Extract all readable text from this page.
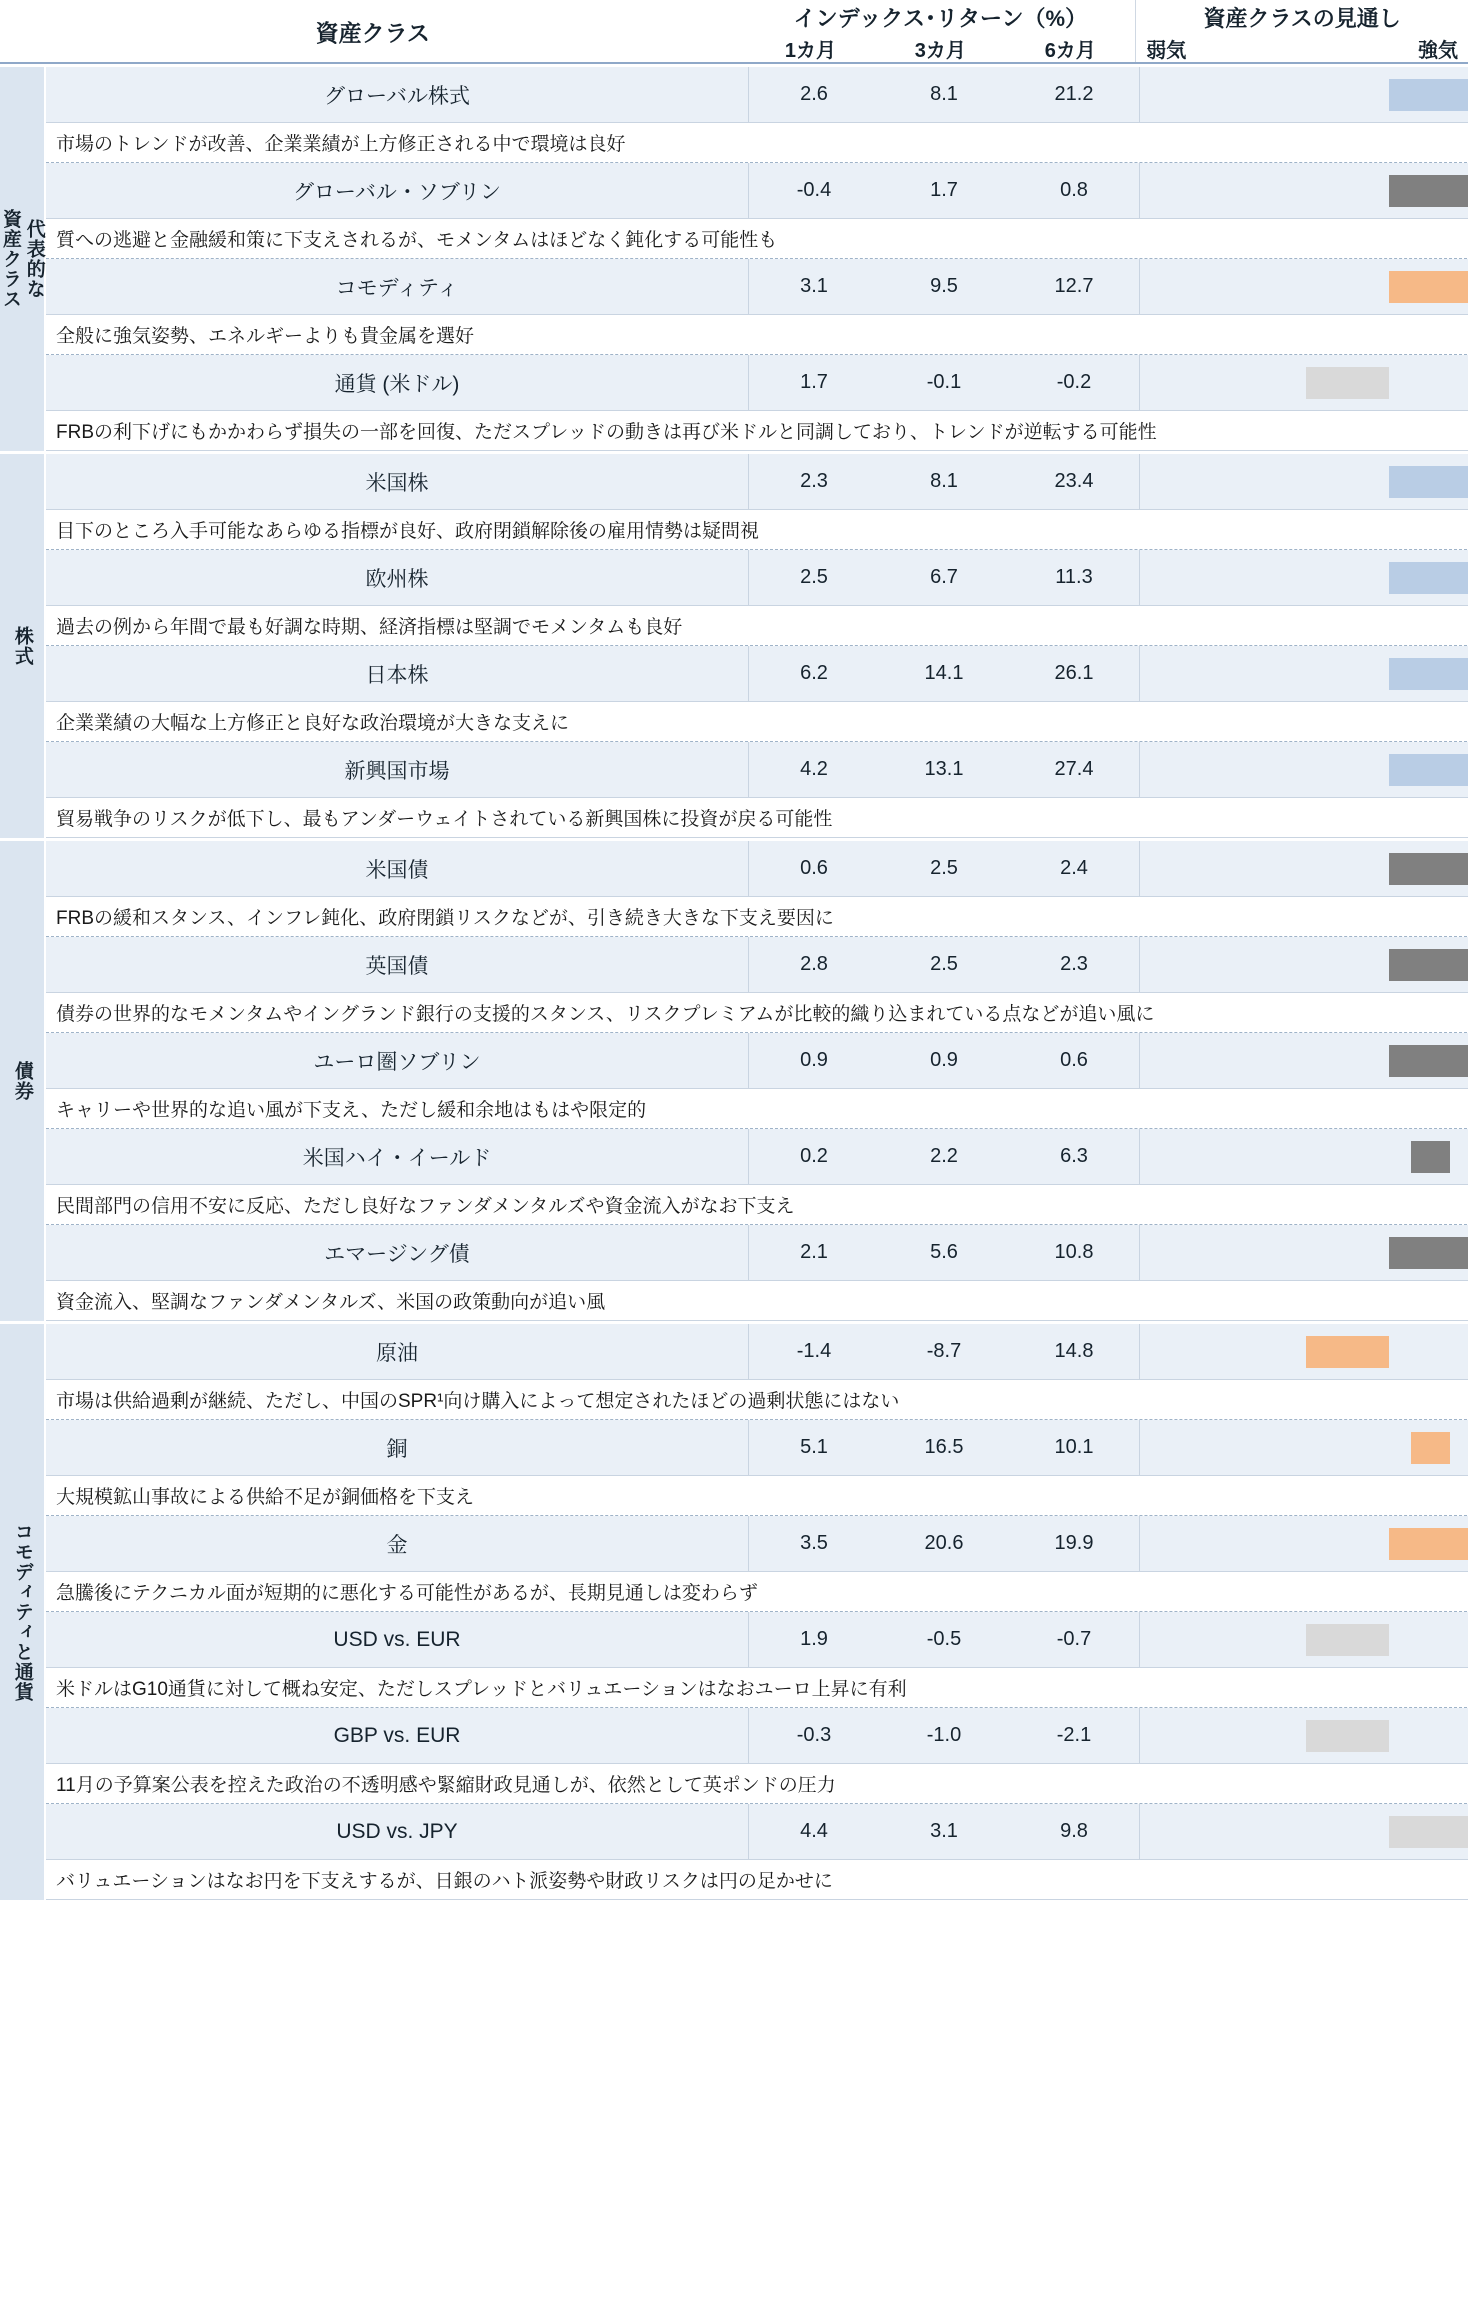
資産クラス
インデックス･リターン（%）
1カ月	3カ月	6カ月
資産クラスの見通し
弱気	強気
代表的な
資産クラス
グローバル株式	2.6	8.1	21.2
市場のトレンドが改善、企業業績が上方修正される中で環境は良好
グローバル・ソブリン	-0.4	1.7	0.8
質への逃避と金融緩和策に下支えされるが、モメンタムはほどなく鈍化する可能性も
コモディティ	3.1	9.5	12.7
全般に強気姿勢、エネルギーよりも貴金属を選好
通貨 (米ドル)	1.7	-0.1	-0.2
FRBの利下げにもかかわらず損失の一部を回復、ただスプレッドの動きは再び米ドルと同調しており、トレンドが逆転する可能性
株式
米国株	2.3	8.1	23.4
目下のところ入手可能なあらゆる指標が良好、政府閉鎖解除後の雇用情勢は疑問視
欧州株	2.5	6.7	11.3
過去の例から年間で最も好調な時期、経済指標は堅調でモメンタムも良好
日本株	6.2	14.1	26.1
企業業績の大幅な上方修正と良好な政治環境が大きな支えに
新興国市場	4.2	13.1	27.4
貿易戦争のリスクが低下し、最もアンダーウェイトされている新興国株に投資が戻る可能性
債券
米国債	0.6	2.5	2.4
FRBの緩和スタンス、インフレ鈍化、政府閉鎖リスクなどが、引き続き大きな下支え要因に
英国債	2.8	2.5	2.3
債券の世界的なモメンタムやイングランド銀行の支援的スタンス、リスクプレミアムが比較的織り込まれている点などが追い風に
ユーロ圏ソブリン	0.9	0.9	0.6
キャリーや世界的な追い風が下支え、ただし緩和余地はもはや限定的
米国ハイ・イールド	0.2	2.2	6.3
民間部門の信用不安に反応、ただし良好なファンダメンタルズや資金流入がなお下支え
エマージング債	2.1	5.6	10.8
資金流入、堅調なファンダメンタルズ、米国の政策動向が追い風
コモディティと通貨
原油	-1.4	-8.7	14.8
市場は供給過剰が継続、ただし、中国のSPR¹向け購入によって想定されたほどの過剰状態にはない
銅	5.1	16.5	10.1
大規模鉱山事故による供給不足が銅価格を下支え
金	3.5	20.6	19.9
急騰後にテクニカル面が短期的に悪化する可能性があるが、長期見通しは変わらず
USD vs. EUR	1.9	-0.5	-0.7
米ドルはG10通貨に対して概ね安定、ただしスプレッドとバリュエーションはなおユーロ上昇に有利
GBP vs. EUR	-0.3	-1.0	-2.1
11月の予算案公表を控えた政治の不透明感や緊縮財政見通しが、依然として英ポンドの圧力
USD vs. JPY	4.4	3.1	9.8
バリュエーションはなお円を下支えするが、日銀のハト派姿勢や財政リスクは円の足かせに
